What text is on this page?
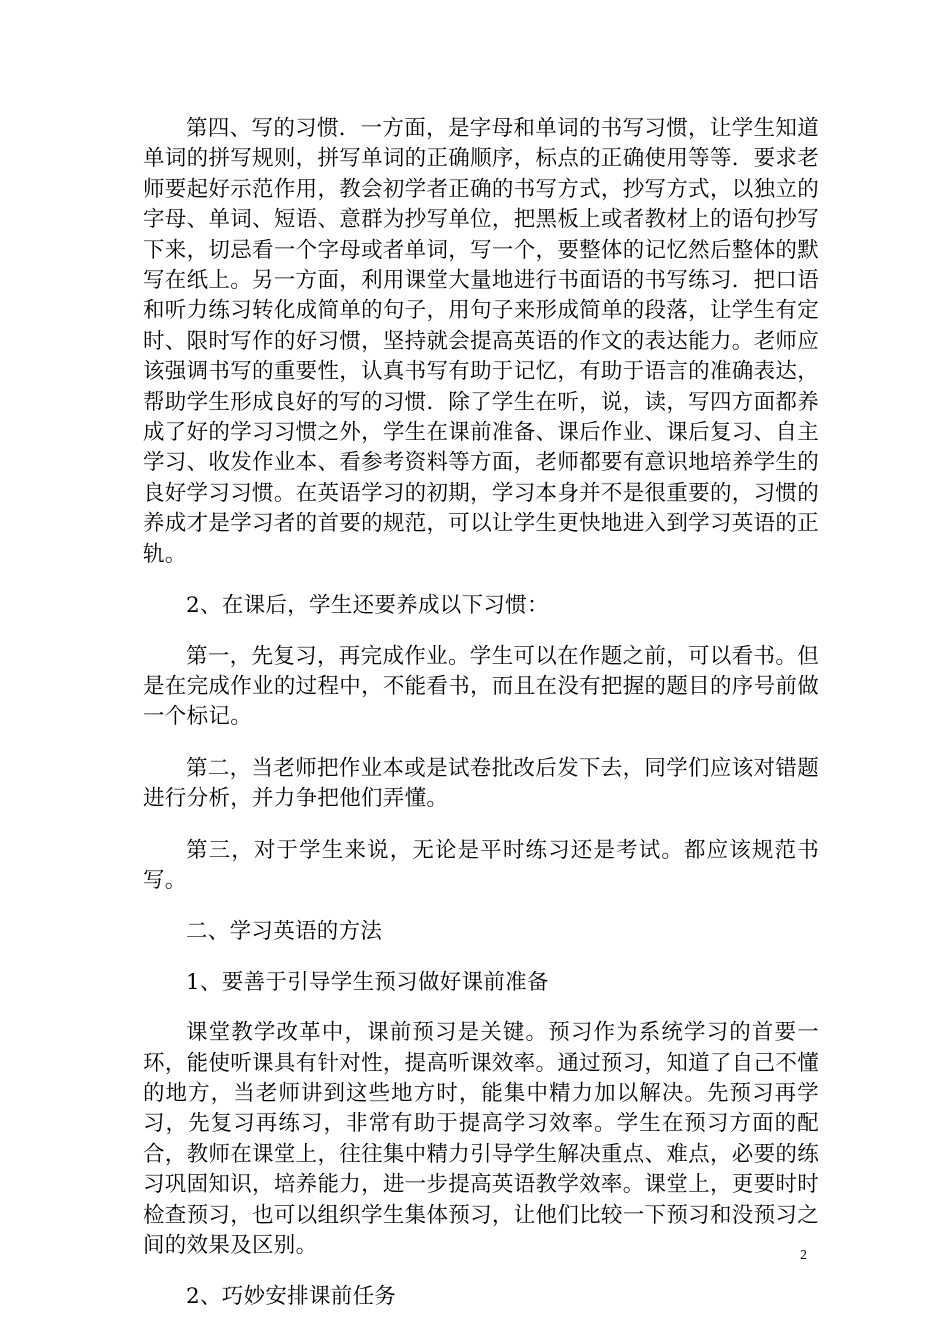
第四、写的习惯．一方面，是字母和单词的书写习惯，让学生知道单词的拼写规则，拼写单词的正确顺序，标点的正确使用等等．要求老师要起好示范作用，教会初学者正确的书写方式，抄写方式，以独立的字母、单词、短语、意群为抄写单位，把黑板上或者教材上的语句抄写下来，切忌看一个字母或者单词，写一个，要整体的记忆然后整体的默写在纸上。另一方面，利用课堂大量地进行书面语的书写练习．把口语和听力练习转化成简单的句子，用句子来形成简单的段落，让学生有定时、限时写作的好习惯，坚持就会提高英语的作文的表达能力。老师应该强调书写的重要性，认真书写有助于记忆，有助于语言的准确表达，帮助学生形成良好的写的习惯．除了学生在听，说，读，写四方面都养成了好的学习习惯之外，学生在课前准备、课后作业、课后复习、自主学习、收发作业本、看参考资料等方面，老师都要有意识地培养学生的良好学习习惯。在英语学习的初期，学习本身并不是很重要的，习惯的养成才是学习者的首要的规范，可以让学生更快地进入到学习英语的正轨。

2、在课后，学生还要养成以下习惯：

第一，先复习，再完成作业。学生可以在作题之前，可以看书。但是在完成作业的过程中，不能看书，而且在没有把握的题目的序号前做一个标记。

第二，当老师把作业本或是试卷批改后发下去，同学们应该对错题进行分析，并力争把他们弄懂。

第三，对于学生来说，无论是平时练习还是考试。都应该规范书写。

二、学习英语的方法

1、要善于引导学生预习做好课前准备

课堂教学改革中，课前预习是关键。预习作为系统学习的首要一环，能使听课具有针对性，提高听课效率。通过预习，知道了自己不懂的地方，当老师讲到这些地方时，能集中精力加以解决。先预习再学习，先复习再练习，非常有助于提高学习效率。学生在预习方面的配合，教师在课堂上，往往集中精力引导学生解决重点、难点，必要的练习巩固知识，培养能力，进一步提高英语教学效率。课堂上，更要时时检查预习，也可以组织学生集体预习，让他们比较一下预习和没预习之间的效果及区别。

2、巧妙安排课前任务

2
